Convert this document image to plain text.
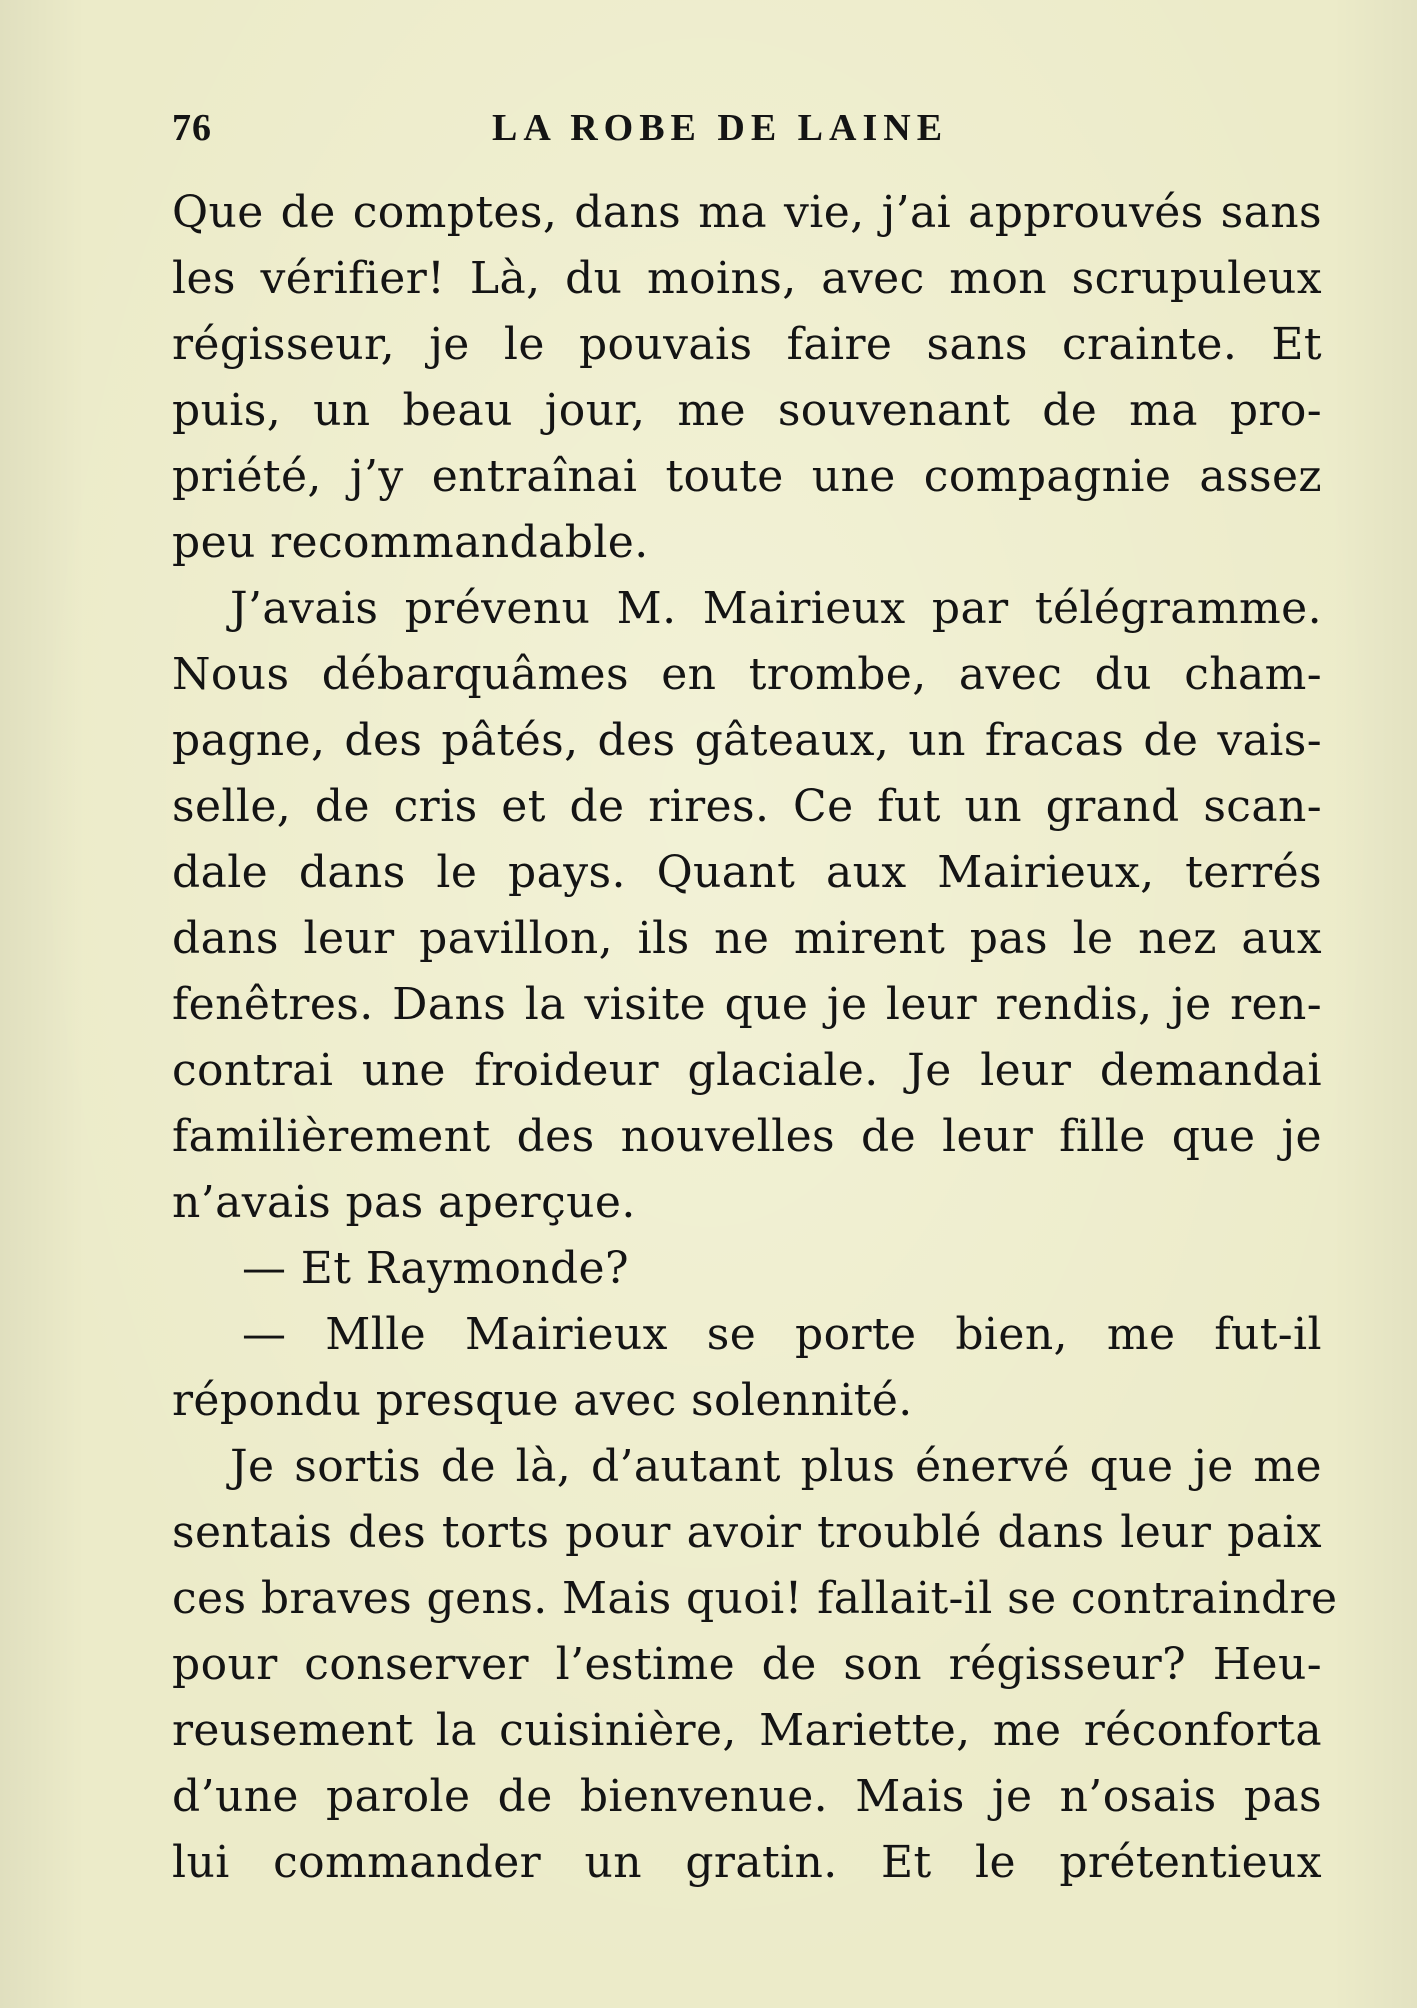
76	LA ROBE DE LAINE
Que de comptes, dans ma vie, j’ai approuvés sans
les vérifier! Là, du moins, avec mon scrupuleux
régisseur, je le pouvais faire sans crainte. Et
puis, un beau jour, me souvenant de ma pro-
priété, j’y entraînai toute une compagnie assez
peu recommandable.
J’avais prévenu M. Mairieux par télégramme.
Nous débarquâmes en trombe, avec du cham-
pagne, des pâtés, des gâteaux, un fracas de vais-
selle, de cris et de rires. Ce fut un grand scan-
dale dans le pays. Quant aux Mairieux, terrés
dans leur pavillon, ils ne mirent pas le nez aux
fenêtres. Dans la visite que je leur rendis, je ren-
contrai une froideur glaciale. Je leur demandai
familièrement des nouvelles de leur fille que je
n’avais pas aperçue.
— Et Raymonde?
— Mlle Mairieux se porte bien, me fut-il
répondu presque avec solennité.
Je sortis de là, d’autant plus énervé que je me
sentais des torts pour avoir troublé dans leur paix
ces braves gens. Mais quoi! fallait-il se contraindre
pour conserver l’estime de son régisseur? Heu-
reusement la cuisinière, Mariette, me réconforta
d’une parole de bienvenue. Mais je n’osais pas
lui commander un gratin. Et le prétentieux
